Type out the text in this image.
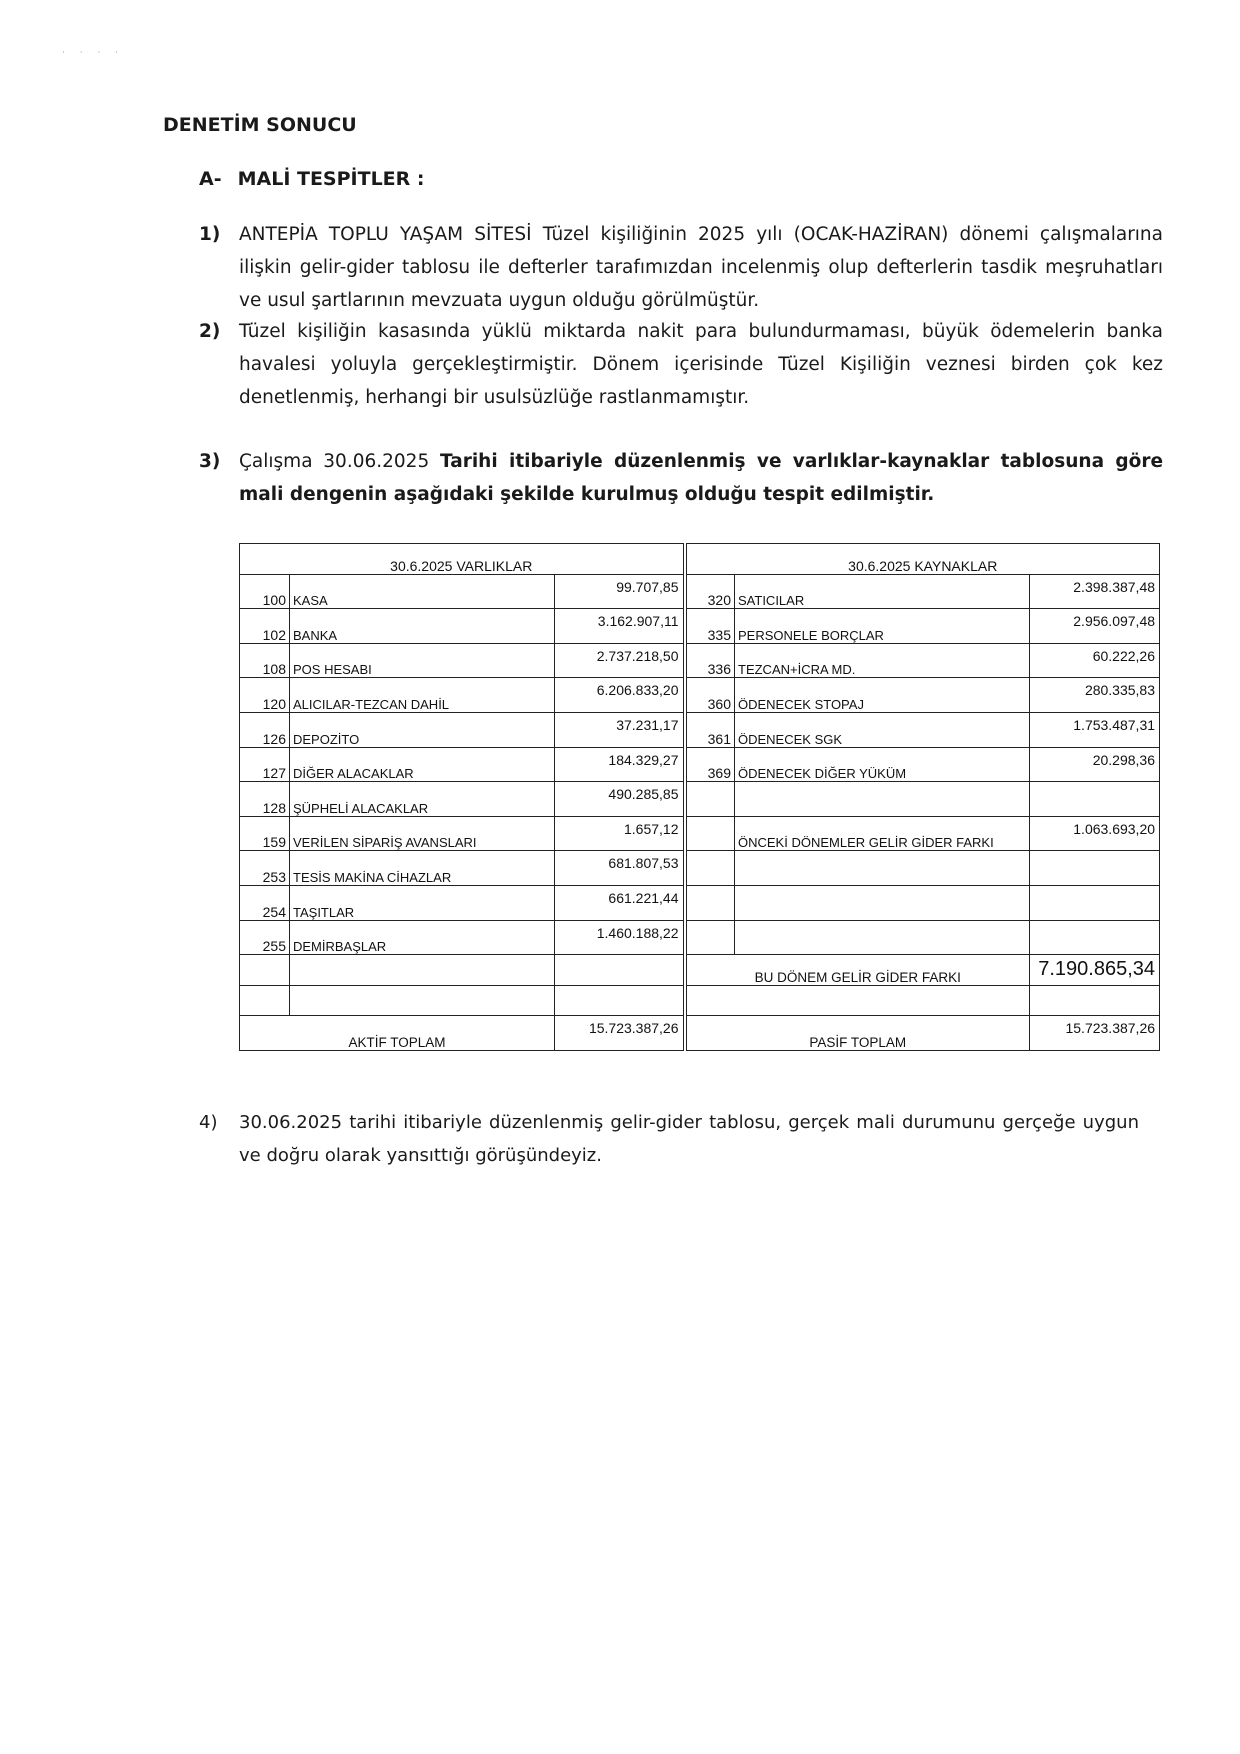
· · · ·
DENETİM SONUCU
A- MALİ TESPİTLER :
1) ANTEPİA TOPLU YAŞAM SİTESİ Tüzel kişiliğinin 2025 yılı (OCAK-HAZİRAN) dönemi çalışmalarına ilişkin gelir-gider tablosu ile defterler tarafımızdan incelenmiş olup defterlerin tasdik meşruhatları ve usul şartlarının mevzuata uygun olduğu görülmüştür.
2) Tüzel kişiliğin kasasında yüklü miktarda nakit para bulundurmaması, büyük ödemelerin banka havalesi yoluyla gerçekleştirmiştir. Dönem içerisinde Tüzel Kişiliğin veznesi birden çok kez denetlenmiş, herhangi bir usulsüzlüğe rastlanmamıştır.
3) Çalışma 30.06.2025 Tarihi itibariyle düzenlenmiş ve varlıklar-kaynaklar tablosuna göre mali dengenin aşağıdaki şekilde kurulmuş olduğu tespit edilmiştir.
30.6.2025 VARLIKLAR			30.6.2025 KAYNAKLAR		
100	KASA	99.707,85	320	SATICILAR	2.398.387,48
102	BANKA	3.162.907,11	335	PERSONELE BORÇLAR	2.956.097,48
108	POS HESABI	2.737.218,50	336	TEZCAN+İCRA MD.	60.222,26
120	ALICILAR-TEZCAN DAHİL	6.206.833,20	360	ÖDENECEK STOPAJ	280.335,83
126	DEPOZİTO	37.231,17	361	ÖDENECEK SGK	1.753.487,31
127	DİĞER ALACAKLAR	184.329,27	369	ÖDENECEK DİĞER YÜKÜM	20.298,36
128	ŞÜPHELİ ALACAKLAR	490.285,85			
159	VERİLEN SİPARİŞ AVANSLARI	1.657,12		ÖNCEKİ DÖNEMLER GELİR GİDER FARKI	1.063.693,20
253	TESİS MAKİNA CİHAZLAR	681.807,53			
254	TAŞITLAR	661.221,44			
255	DEMİRBAŞLAR	1.460.188,22			
			BU DÖNEM GELİR GİDER FARKI		7.190.865,34

AKTİF TOPLAM		15.723.387,26	PASİF TOPLAM		15.723.387,26
4) 30.06.2025 tarihi itibariyle düzenlenmiş gelir-gider tablosu, gerçek mali durumunu gerçeğe uygun ve doğru olarak yansıttığı görüşündeyiz.
